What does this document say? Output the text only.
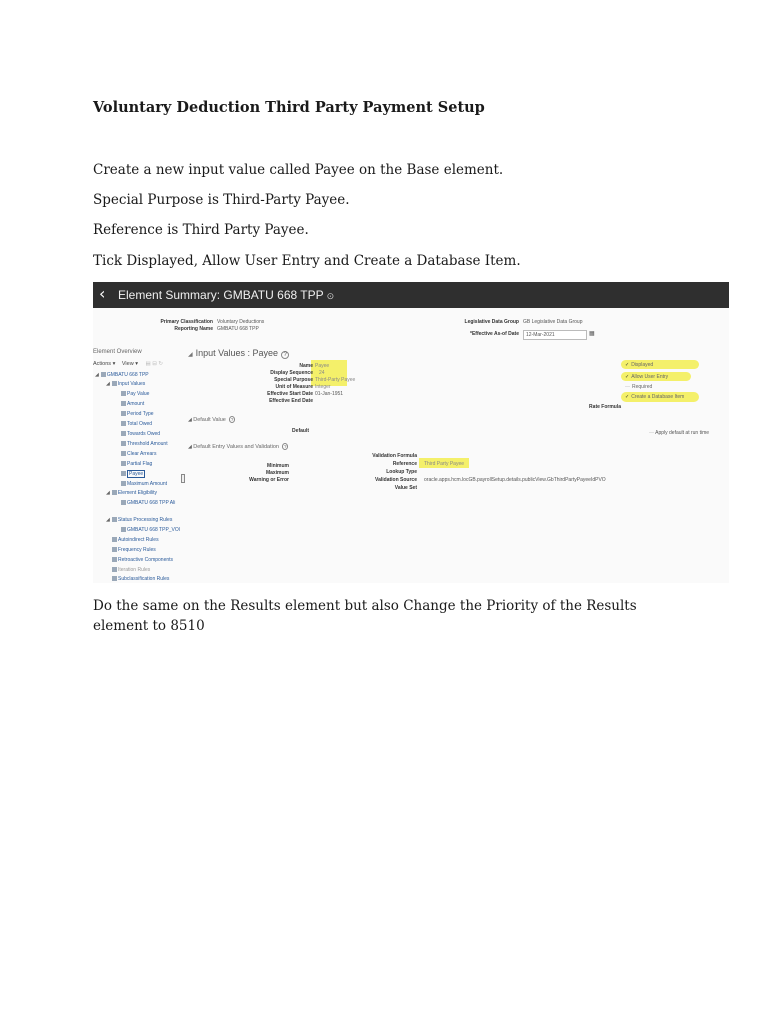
Voluntary Deduction Third Party Payment Setup
Create a new input value called Payee on the Base element.
Special Purpose is Third-Party Payee.
Reference is Third Party Payee.
Tick Displayed, Allow User Entry and Create a Database Item.
‹ Element Summary: GMBATU 668 TPP ⊙
Primary Classification Voluntary Deductions
Reporting Name GMBATU 668 TPP
Legislative Data Group GB Legislative Data Group
*Effective As-of Date	12-Mar-2021	▦
Element Overview
Actions ▾ View ▾ ▤ ⊟ ↻
◢ GMBATU 668 TPP
◢ Input Values
Pay Value
Amount
Period Type
Total Owed
Towards Owed
Threshold Amount
Clear Arrears
Partial Flag
Payee
Maximum Amount
◢ Element Eligibility
GMBATU 668 TPP Ali
◢ Status Processing Rules
GMBATU 668 TPP_VOl
Autoindirect Rules
Frequency Rules
Retroactive Components
Iteration Rules
Subclassification Rules
◢ Input Values : Payee ?
Name Payee
Display Sequence 24
Special Purpose Third-Party Payee
Unit of Measure Integer
Effective Start Date 01-Jan-1951
Effective End Date
✓ Displayed
✓ Allow User Entry
— Required
✓ Create a Database Item
Rate Formula
◢ Default Value ?
Default	— Apply default at run time
◢ Default Entry Values and Validation ?
Minimum
Maximum
Warning or Error
Validation Formula
Reference Third Party Payee
Lookup Type
Validation Source oracle.apps.hcm.locGB.payrollSetup.details.publicView.GbThirdPartyPayeeIdPVO
Value Set
Do the same on the Results element but also Change the Priority of the Results element to 8510
